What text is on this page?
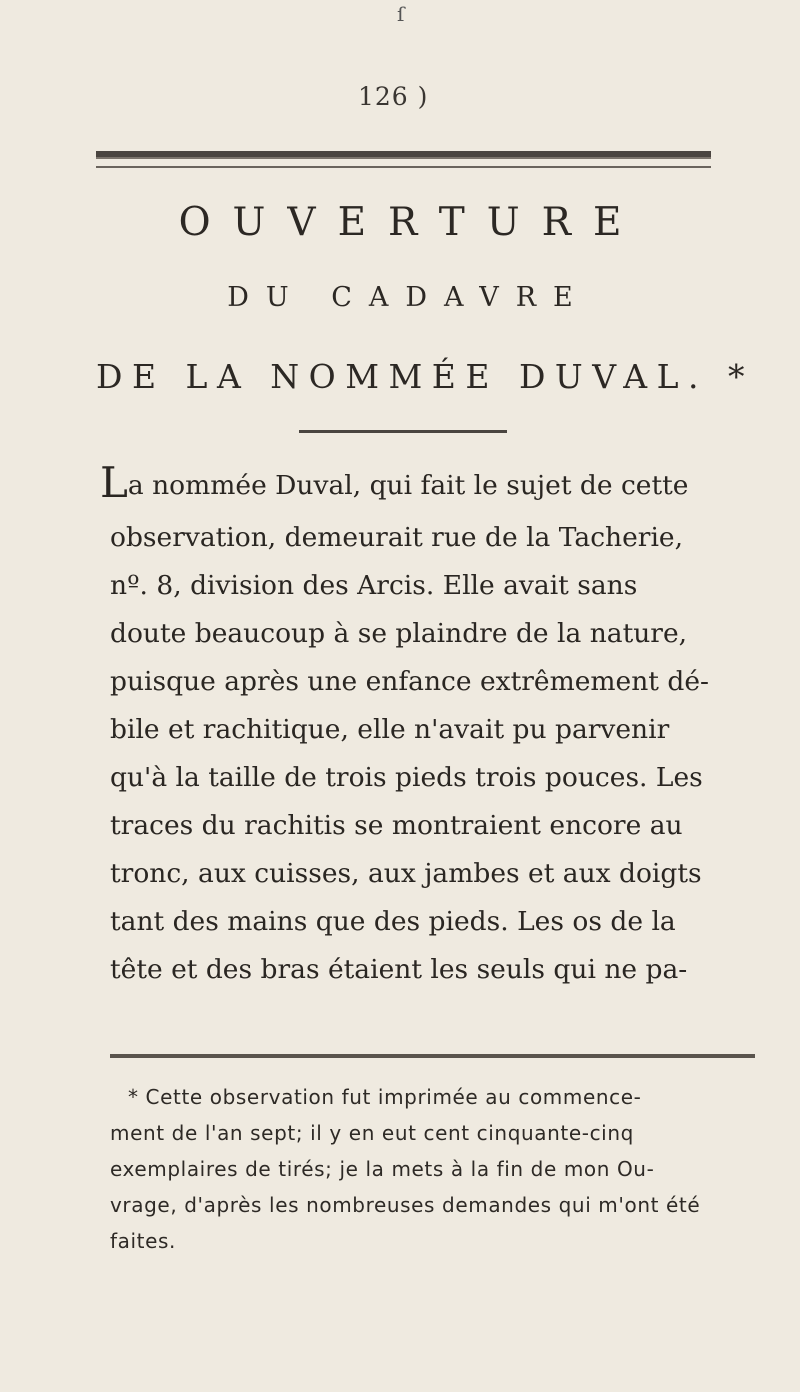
ſ
126 )
OUVERTURE
DU CADAVRE
DE LA NOMMÉE DUVAL. *
La nommée Duval, qui fait le sujet de cette
observation, demeurait rue de la Tacherie,
nº. 8, division des Arcis. Elle avait sans
doute beaucoup à se plaindre de la nature,
puisque après une enfance extrêmement dé-
bile et rachitique, elle n'avait pu parvenir
qu'à la taille de trois pieds trois pouces. Les
traces du rachitis se montraient encore au
tronc, aux cuisses, aux jambes et aux doigts
tant des mains que des pieds. Les os de la
tête et des bras étaient les seuls qui ne pa-
* Cette observation fut imprimée au commence-
ment de l'an sept; il y en eut cent cinquante-cinq
exemplaires de tirés; je la mets à la fin de mon Ou-
vrage, d'après les nombreuses demandes qui m'ont été
faites.
